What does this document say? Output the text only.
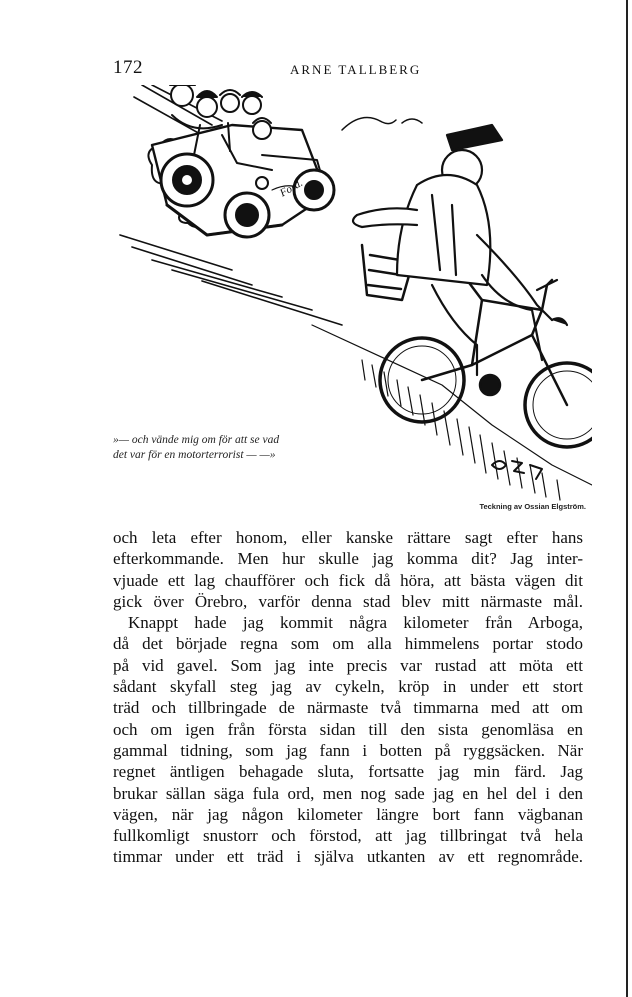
172	ARNE TALLBERG
Ford.
»— och vände mig om för att se vad
det var för en motorterrorist — —»
Teckning av Ossian Elgström.
och leta efter honom, eller kanske rättare sagt efter hans
efterkommande. Men hur skulle jag komma dit? Jag inter-
vjuade ett lag chaufförer och fick då höra, att bästa vägen dit
gick över Örebro, varför denna stad blev mitt närmaste mål.
Knappt hade jag kommit några kilometer från Arboga,
då det började regna som om alla himmelens portar stodo
på vid gavel. Som jag inte precis var rustad att möta ett
sådant skyfall steg jag av cykeln, kröp in under ett stort
träd och tillbringade de närmaste två timmarna med att om
och om igen från första sidan till den sista genomläsa en
gammal tidning, som jag fann i botten på ryggsäcken. När
regnet äntligen behagade sluta, fortsatte jag min färd. Jag
brukar sällan säga fula ord, men nog sade jag en hel del i den
vägen, när jag någon kilometer längre bort fann vägbanan
fullkomligt snustorr och förstod, att jag tillbringat två hela
timmar under ett träd i själva utkanten av ett regnområde.
